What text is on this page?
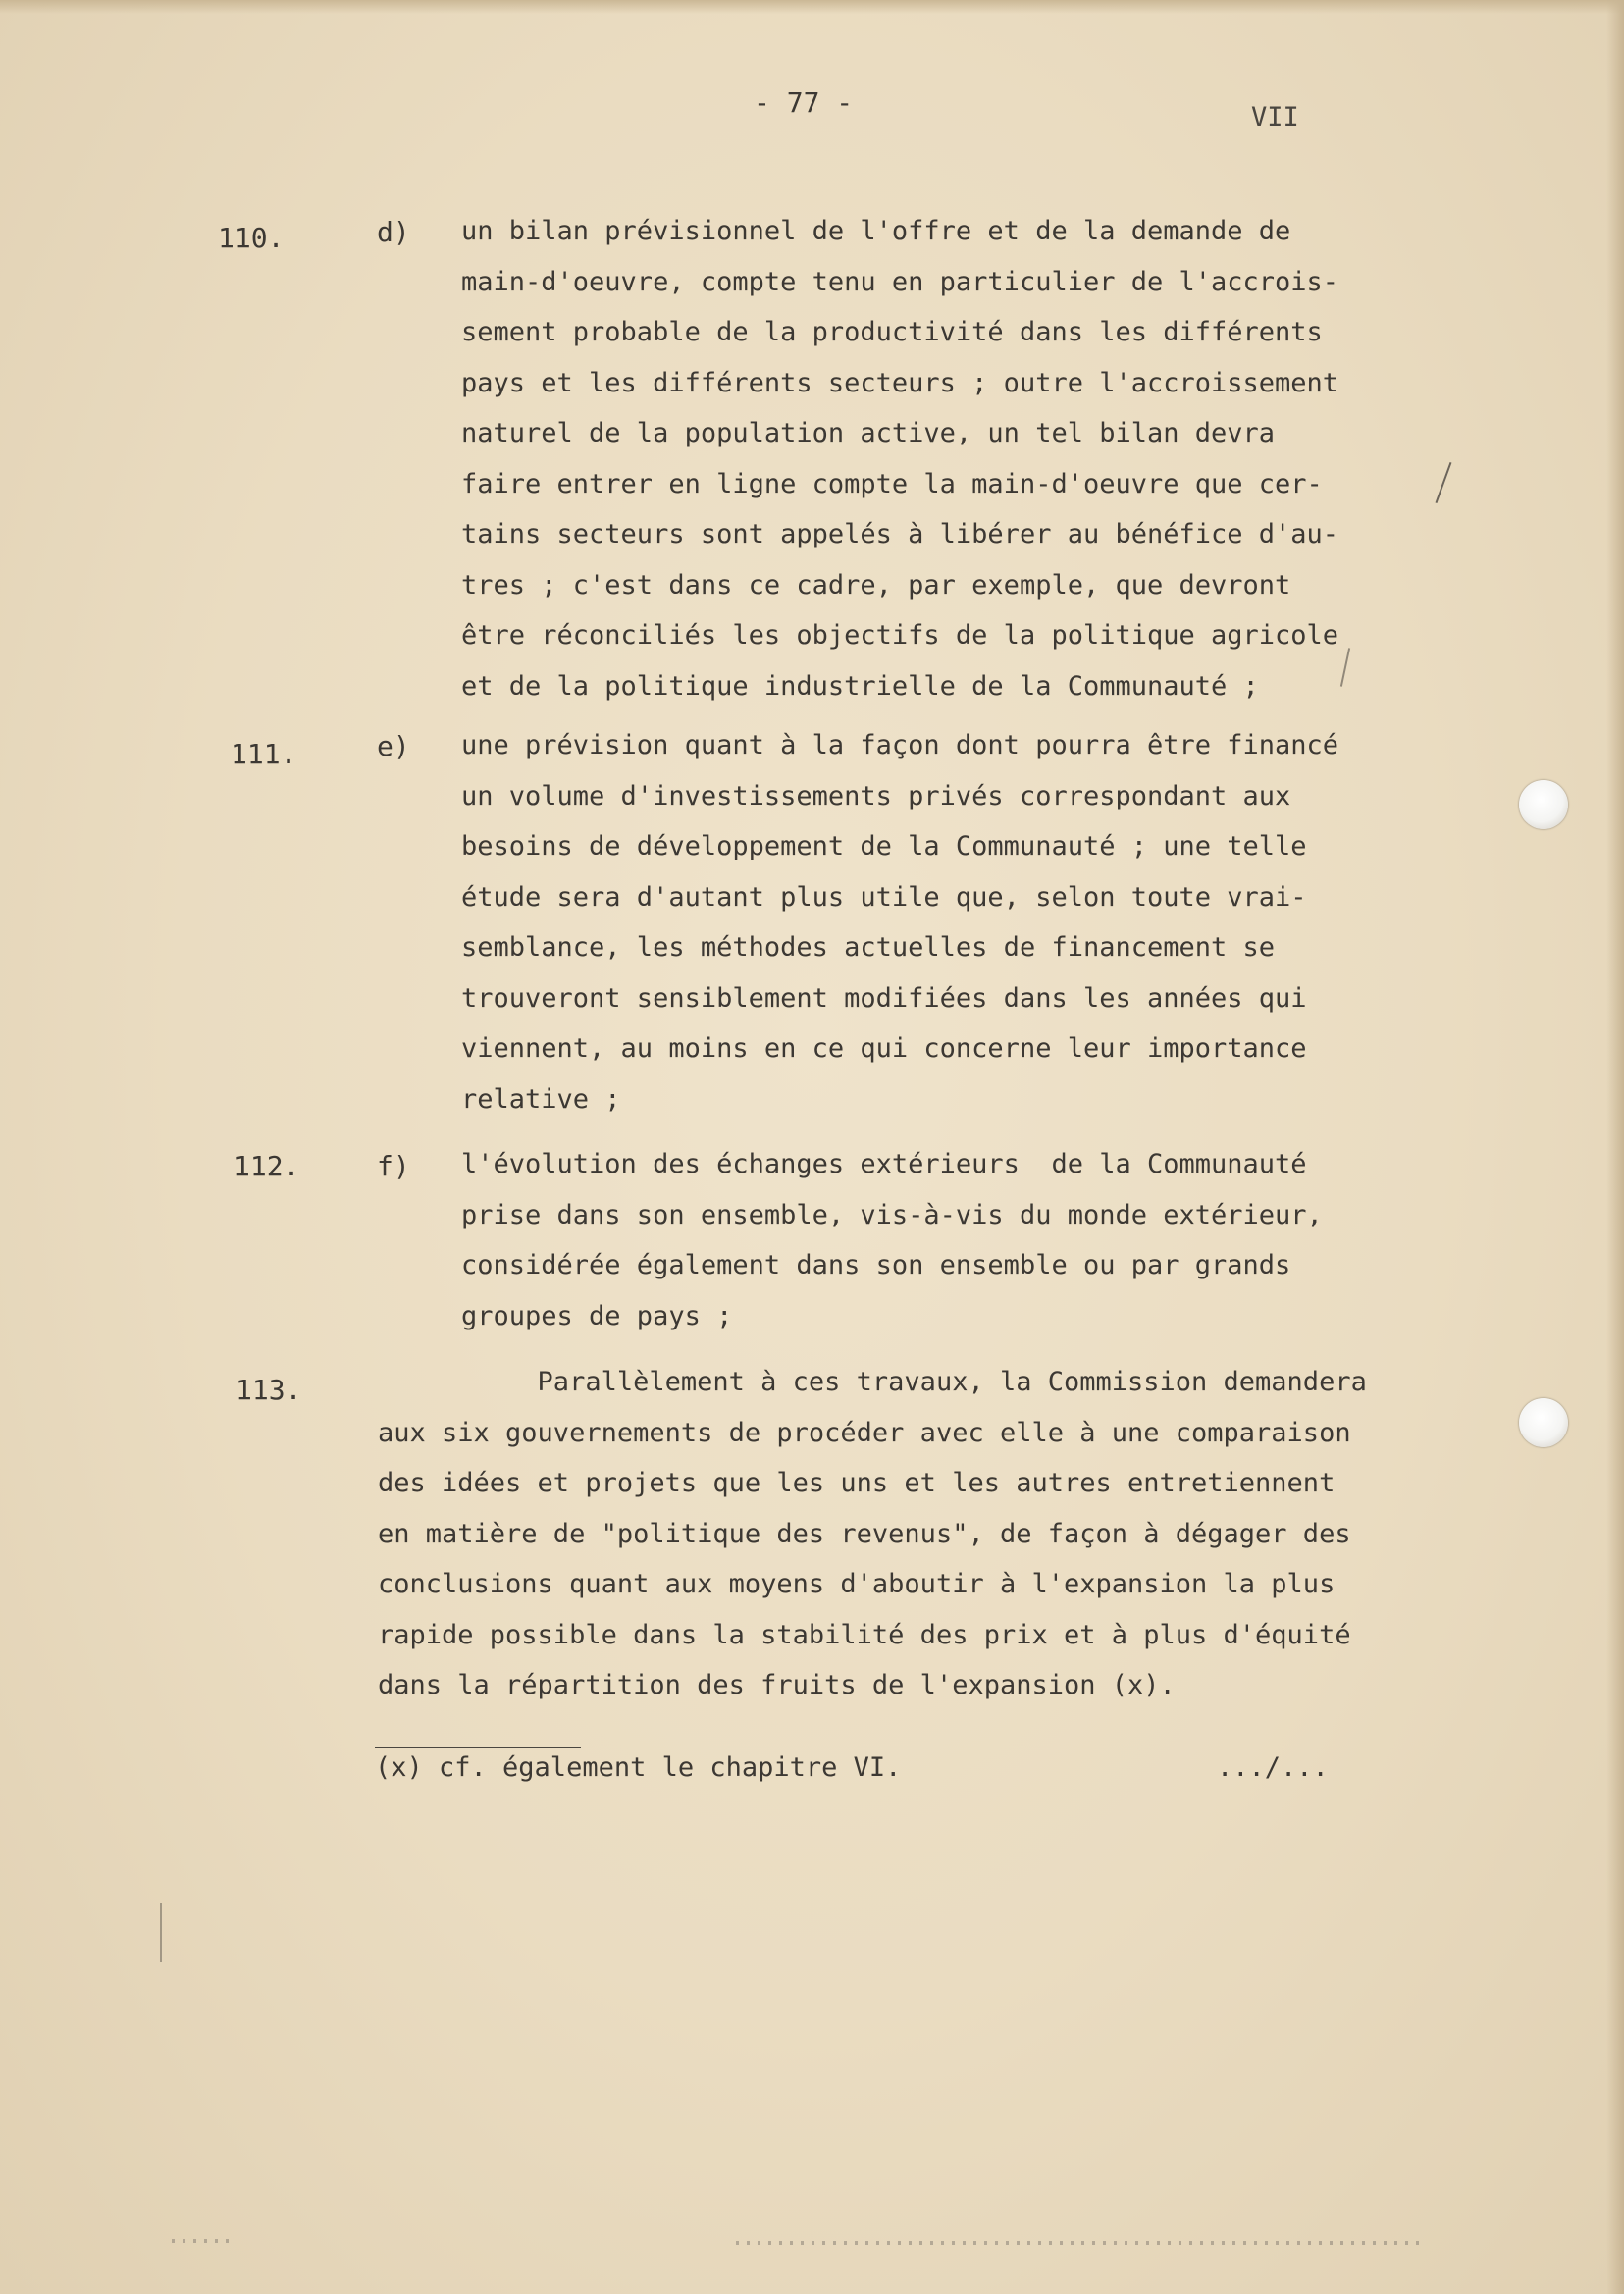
- 77 -	VII
110.	d) un bilan prévisionnel de l'offre et de la demande de
main-d'oeuvre, compte tenu en particulier de l'accrois-
sement probable de la productivité dans les différents
pays et les différents secteurs ; outre l'accroissement
naturel de la population active, un tel bilan devra
faire entrer en ligne compte la main-d'oeuvre que cer-
tains secteurs sont appelés à libérer au bénéfice d'au-
tres ; c'est dans ce cadre, par exemple, que devront
être réconciliés les objectifs de la politique agricole
et de la politique industrielle de la Communauté ;
111.	e) une prévision quant à la façon dont pourra être financé
un volume d'investissements privés correspondant aux
besoins de développement de la Communauté ; une telle
étude sera d'autant plus utile que, selon toute vrai-
semblance, les méthodes actuelles de financement se
trouveront sensiblement modifiées dans les années qui
viennent, au moins en ce qui concerne leur importance
relative ;
112.	f) l'évolution des échanges extérieurs  de la Communauté
prise dans son ensemble, vis-à-vis du monde extérieur,
considérée également dans son ensemble ou par grands
groupes de pays ;
113.	Parallèlement à ces travaux, la Commission demandera
aux six gouvernements de procéder avec elle à une comparaison
des idées et projets que les uns et les autres entretiennent
en matière de "politique des revenus", de façon à dégager des
conclusions quant aux moyens d'aboutir à l'expansion la plus
rapide possible dans la stabilité des prix et à plus d'équité
dans la répartition des fruits de l'expansion (x).
(x) cf. également le chapitre VI.	.../...
